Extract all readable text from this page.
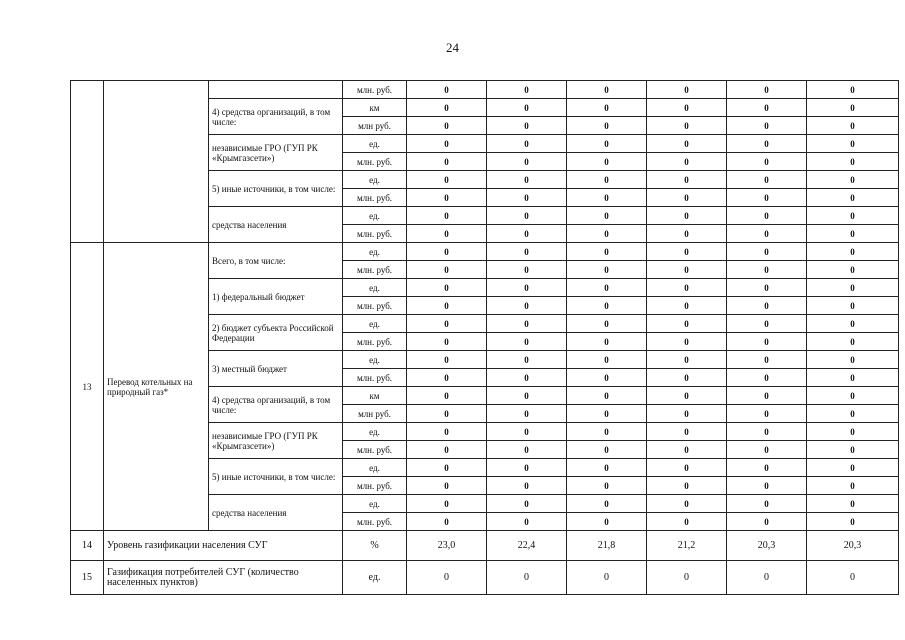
24
			млн. руб.	0	0	0	0	0	0

		4) средства организаций, в том числе:	км	0	0	0	0	0	0
			млн руб.	0	0	0	0	0	0

		независимые ГРО (ГУП РК «Крымгазсети»)	ед.	0	0	0	0	0	0
			млн. руб.	0	0	0	0	0	0

		5) иные источники, в том числе:	ед.	0	0	0	0	0	0
			млн. руб.	0	0	0	0	0	0

		средства населения	ед.	0	0	0	0	0	0
			млн. руб.	0	0	0	0	0	0
13	Перевод котельных на природный газ*	Всего, в том числе:	ед.	0	0	0	0	0	0
			млн. руб.	0	0	0	0	0	0

		1) федеральный бюджет	ед.	0	0	0	0	0	0
			млн. руб.	0	0	0	0	0	0

		2) бюджет субъекта Российской Федерации	ед.	0	0	0	0	0	0
			млн. руб.	0	0	0	0	0	0

		3) местный бюджет	ед.	0	0	0	0	0	0
			млн. руб.	0	0	0	0	0	0

		4) средства организаций, в том числе:	км	0	0	0	0	0	0
			млн руб.	0	0	0	0	0	0

		независимые ГРО (ГУП РК «Крымгазсети»)	ед.	0	0	0	0	0	0
			млн. руб.	0	0	0	0	0	0

		5) иные источники, в том числе:	ед.	0	0	0	0	0	0
			млн. руб.	0	0	0	0	0	0

		средства населения	ед.	0	0	0	0	0	0
			млн. руб.	0	0	0	0	0	0
14	Уровень газификации населения СУГ		%	23,0	22,4	21,8	21,2	20,3	20,3
15	Газификация потребителей СУГ (количество населенных пунктов)		ед.	0	0	0	0	0	0
